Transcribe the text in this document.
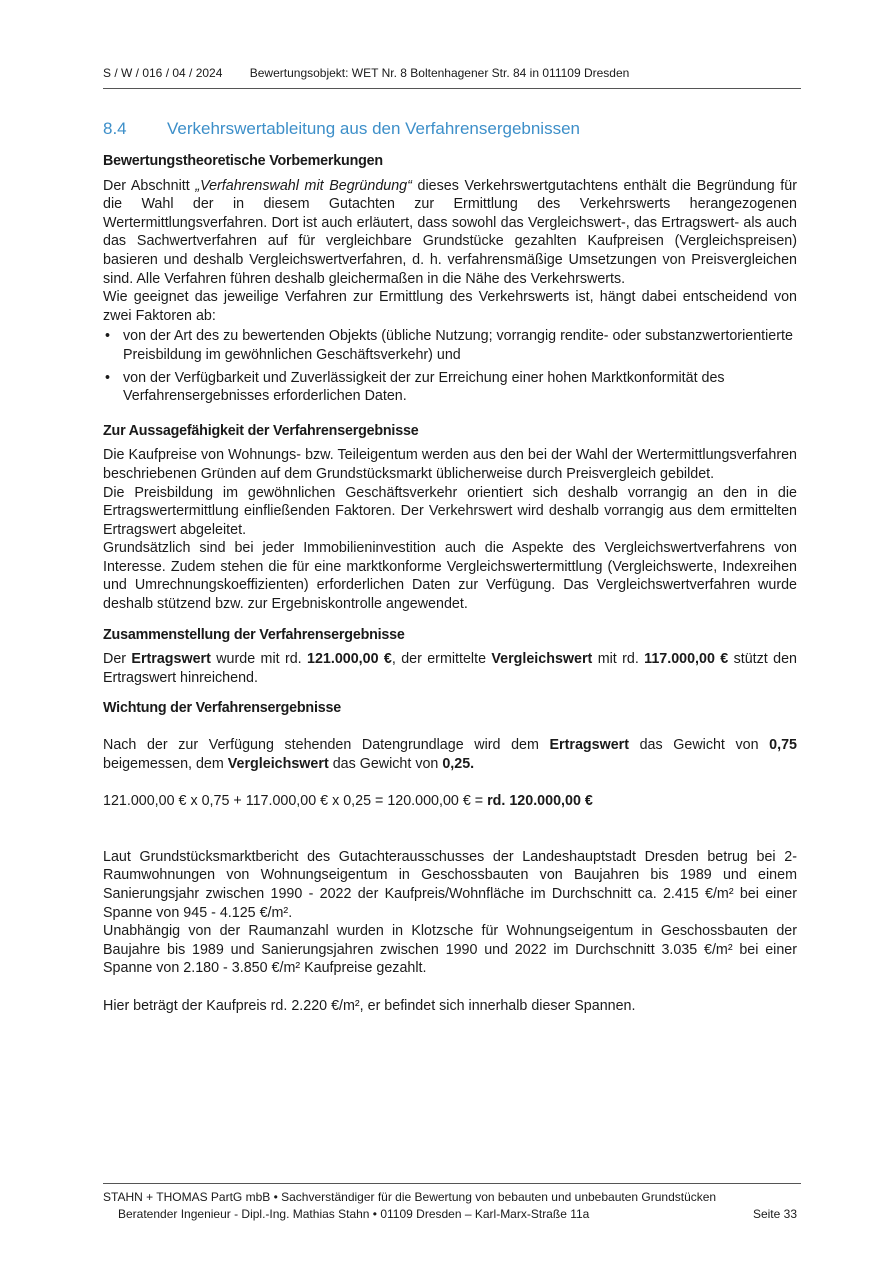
S / W / 016 / 04 / 2024 Bewertungsobjekt: WET Nr. 8 Boltenhagener Str. 84 in 011109 Dresden
8.4 Verkehrswertableitung aus den Verfahrensergebnissen
Bewertungstheoretische Vorbemerkungen

Der Abschnitt „Verfahrenswahl mit Begründung“ dieses Verkehrswertgutachtens enthält die Begründung für die Wahl der in diesem Gutachten zur Ermittlung des Verkehrswerts herangezogenen Wertermittlungsverfahren. Dort ist auch erläutert, dass sowohl das Vergleichswert-, das Ertragswert- als auch das Sachwertverfahren auf für vergleichbare Grundstücke gezahlten Kaufpreisen (Vergleichspreisen) basieren und deshalb Vergleichswertverfahren, d. h. verfahrensmäßige Umsetzungen von Preisvergleichen sind. Alle Verfahren führen deshalb gleichermaßen in die Nähe des Verkehrswerts.

Wie geeignet das jeweilige Verfahren zur Ermittlung des Verkehrswerts ist, hängt dabei entscheidend von zwei Faktoren ab:

• von der Art des zu bewertenden Objekts (übliche Nutzung; vorrangig rendite- oder substanzwertorientierte Preisbildung im gewöhnlichen Geschäftsverkehr) und
• von der Verfügbarkeit und Zuverlässigkeit der zur Erreichung einer hohen Marktkonformität des Verfahrensergebnisses erforderlichen Daten.
Zur Aussagefähigkeit der Verfahrensergebnisse

Die Kaufpreise von Wohnungs- bzw. Teileigentum werden aus den bei der Wahl der Wertermittlungsverfahren beschriebenen Gründen auf dem Grundstücksmarkt üblicherweise durch Preisvergleich gebildet.

Die Preisbildung im gewöhnlichen Geschäftsverkehr orientiert sich deshalb vorrangig an den in die Ertragswertermittlung einfließenden Faktoren. Der Verkehrswert wird deshalb vorrangig aus dem ermittelten Ertragswert abgeleitet.

Grundsätzlich sind bei jeder Immobilieninvestition auch die Aspekte des Vergleichswertverfahrens von Interesse. Zudem stehen die für eine marktkonforme Vergleichswertermittlung (Vergleichswerte, Indexreihen und Umrechnungskoeffizienten) erforderlichen Daten zur Verfügung. Das Vergleichswertverfahren wurde deshalb stützend bzw. zur Ergebniskontrolle angewendet.

Zusammenstellung der Verfahrensergebnisse

Der Ertragswert wurde mit rd. 121.000,00 €, der ermittelte Vergleichswert mit rd. 117.000,00 € stützt den Ertragswert hinreichend.

Wichtung der Verfahrensergebnisse

Nach der zur Verfügung stehenden Datengrundlage wird dem Ertragswert das Gewicht von 0,75 beigemessen, dem Vergleichswert das Gewicht von 0,25.

121.000,00 € x 0,75 + 117.000,00 € x 0,25 = 120.000,00 € = rd. 120.000,00 €

Laut Grundstücksmarktbericht des Gutachterausschusses der Landeshauptstadt Dresden betrug bei 2-Raumwohnungen von Wohnungseigentum in Geschossbauten von Baujahren bis 1989 und einem Sanierungsjahr zwischen 1990 - 2022 der Kaufpreis/Wohnfläche im Durchschnitt ca. 2.415 €/m² bei einer Spanne von 945 - 4.125 €/m².

Unabhängig von der Raumanzahl wurden in Klotzsche für Wohnungseigentum in Geschossbauten der Baujahre bis 1989 und Sanierungsjahren zwischen 1990 und 2022 im Durchschnitt 3.035 €/m² bei einer Spanne von 2.180 - 3.850 €/m² Kaufpreise gezahlt.

Hier beträgt der Kaufpreis rd. 2.220 €/m², er befindet sich innerhalb dieser Spannen.

STAHN + THOMAS PartG mbB • Sachverständiger für die Bewertung von bebauten und unbebauten Grundstücken
Beratender Ingenieur - Dipl.-Ing. Mathias Stahn • 01109 Dresden – Karl-Marx-Straße 11a	Seite 33
